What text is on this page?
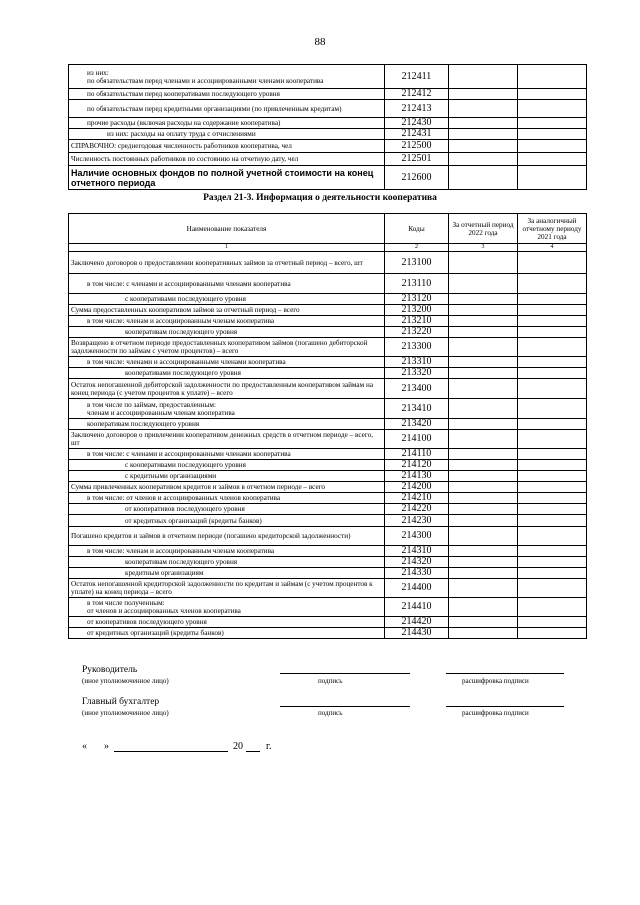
88
из них:
по обязательствам перед членами и ассоциированными членами кооператива	212411		
по обязательствам перед кооперативами последующего уровня	212412		
по обязательствам перед кредитными организациями (по привлеченным кредитам)	212413		
прочие расходы (включая расходы на содержание кооператива)	212430		
из них: расходы на оплату труда с отчислениями	212431		
СПРАВОЧНО: среднегодовая численность работников кооператива, чел	212500		
Численность постоянных работников по состоянию на отчетную дату, чел	212501		
Наличие основных фондов по полной учетной стоимости на конец отчетного периода	212600		
Раздел 21-3. Информация о деятельности кооператива
Наименование показателя	Коды	За отчетный период 2022 года	За аналогичный отчетному периоду 2021 года
1	2	3	4
Заключено договоров о предоставлении кооперативных займов за отчетный период – всего, шт	213100		
в том числе: с членами и ассоциированными членами кооператива	213110		
с кооперативами последующего уровня	213120		
Сумма предоставленных кооперативом займов за отчетный период – всего	213200		
в том числе: членам и ассоциированным членам кооператива	213210		
кооперативам последующего уровня	213220		
Возвращено в отчетном периоде предоставленных кооперативом займов (погашено дебиторской задолженности по займам с учетом процентов) – всего	213300		
в том числе: членами и ассоциированными членами кооператива	213310		
кооперативами последующего уровня	213320		
Остаток непогашенной дебиторской задолженности по предоставленным кооперативом займам на конец периода (с учетом процентов к уплате) – всего	213400		
в том числе по займам, предоставленным:
членам и ассоциированным членам кооператива	213410		
кооперативам последующего уровня	213420		
Заключено договоров о привлечении кооперативом денежных средств в отчетном периоде – всего, шт	214100		
в том числе: с членами и ассоциированными членами кооператива	214110		
с кооперативами последующего уровня	214120		
с кредитными организациями	214130		
Сумма привлеченных кооперативом кредитов и займов в отчетном периоде – всего	214200		
в том числе: от членов и ассоциированных членов кооператива	214210		
от кооперативов последующего уровня	214220		
от кредитных организаций (кредиты банков)	214230		
Погашено кредитов и займов в отчетном периоде (погашено кредиторской задолженности)	214300		
в том числе: членам и ассоциированным членам кооператива	214310		
кооперативам последующего уровня	214320		
кредитным организациям	214330		
Остаток непогашенной кредиторской задолженности по кредитам и займам (с учетом процентов к уплате) на конец периода – всего	214400		
в том числе полученным:
от членов и ассоциированных членов кооператива	214410		
от кооперативов последующего уровня	214420		
от кредитных организаций (кредиты банков)	214430		
Руководитель
(иное уполномоченное лицо)	подпись	расшифровка подписи
Главный бухгалтер
(иное уполномоченное лицо)	подпись	расшифровка подписи
« »	20 г.
